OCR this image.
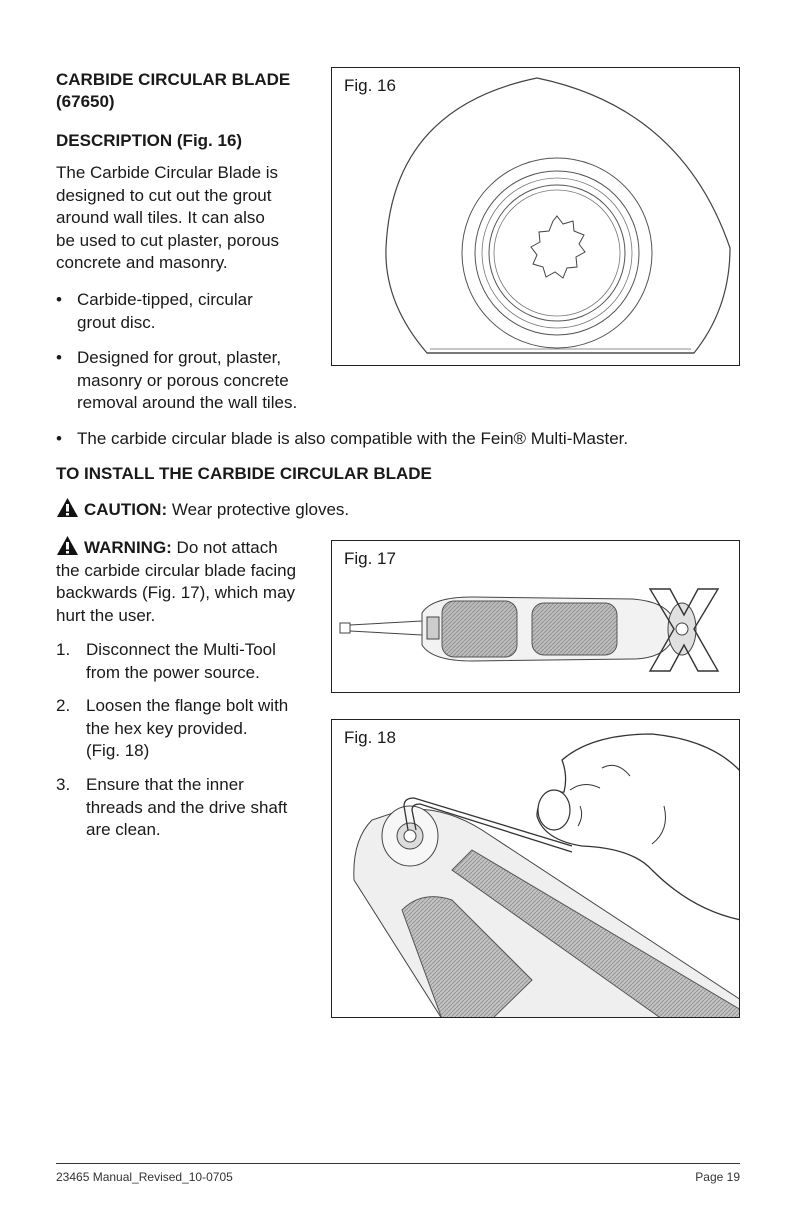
CARBIDE CIRCULAR BLADE
(67650)

DESCRIPTION (Fig. 16)

The Carbide Circular Blade is
designed to cut out the grout
around wall tiles. It can also
be used to cut plaster, porous
concrete and masonry.
• Carbide-tipped, circular
grout disc.
• Designed for grout, plaster,
masonry or porous concrete
removal around the wall tiles.
• The carbide circular blade is also compatible with the Fein® Multi-Master.
Fig. 16

TO INSTALL THE CARBIDE CIRCULAR BLADE

CAUTION: Wear protective gloves.
WARNING: Do not attach
the carbide circular blade facing
backwards (Fig. 17), which may
hurt the user.
1. Disconnect the Multi-Tool
from the power source.
2. Loosen the flange bolt with
the hex key provided.
(Fig. 18)
3. Ensure that the inner
threads and the drive shaft
are clean.
Fig. 17
Fig. 18
23465 Manual_Revised_10-0705	Page 19
